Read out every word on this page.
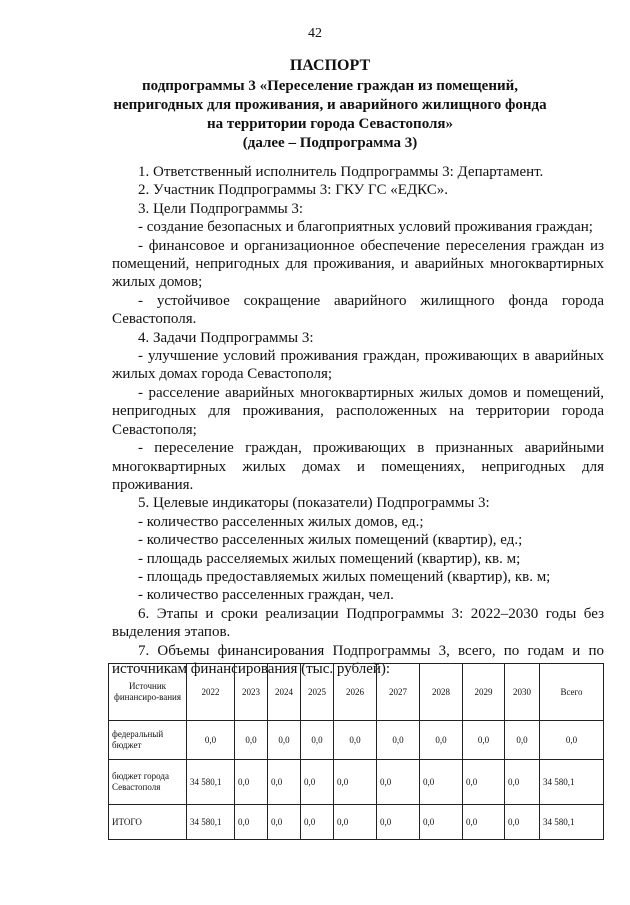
42
ПАСПОРТ
подпрограммы 3 «Переселение граждан из помещений,
непригодных для проживания, и аварийного жилищного фонда
на территории города Севастополя»
(далее – Подпрограмма 3)

1. Ответственный исполнитель Подпрограммы 3: Департамент.

2. Участник Подпрограммы 3: ГКУ ГС «ЕДКС».

3. Цели Подпрограммы 3:

- создание безопасных и благоприятных условий проживания граждан;

- финансовое и организационное обеспечение переселения граждан из помещений, непригодных для проживания, и аварийных многоквартирных жилых домов;

- устойчивое сокращение аварийного жилищного фонда города Севастополя.

4. Задачи Подпрограммы 3:

- улучшение условий проживания граждан, проживающих в аварийных жилых домах города Севастополя;

- расселение аварийных многоквартирных жилых домов и помещений, непригодных для проживания, расположенных на территории города Севастополя;

- переселение граждан, проживающих в признанных аварийными многоквартирных жилых домах и помещениях, непригодных для проживания.

5. Целевые индикаторы (показатели) Подпрограммы 3:

- количество расселенных жилых домов, ед.;

- количество расселенных жилых помещений (квартир), ед.;

- площадь расселяемых жилых помещений (квартир), кв. м;

- площадь предоставляемых жилых помещений (квартир), кв. м;

- количество расселенных граждан, чел.

6. Этапы и сроки реализации Подпрограммы 3: 2022–2030 годы без выделения этапов.

7. Объемы финансирования Подпрограммы 3, всего, по годам и по источникам финансирования (тыс. рублей):

Источник финансиро-вания	2022	2023	2024	2025	2026	2027	2028	2029	2030	Всего
федеральный бюджет	0,0	0,0	0,0	0,0	0,0	0,0	0,0	0,0	0,0	0,0
бюджет города Севастополя	34 580,1	0,0	0,0	0,0	0,0	0,0	0,0	0,0	0,0	34 580,1
ИТОГО	34 580,1	0,0	0,0	0,0	0,0	0,0	0,0	0,0	0,0	34 580,1
